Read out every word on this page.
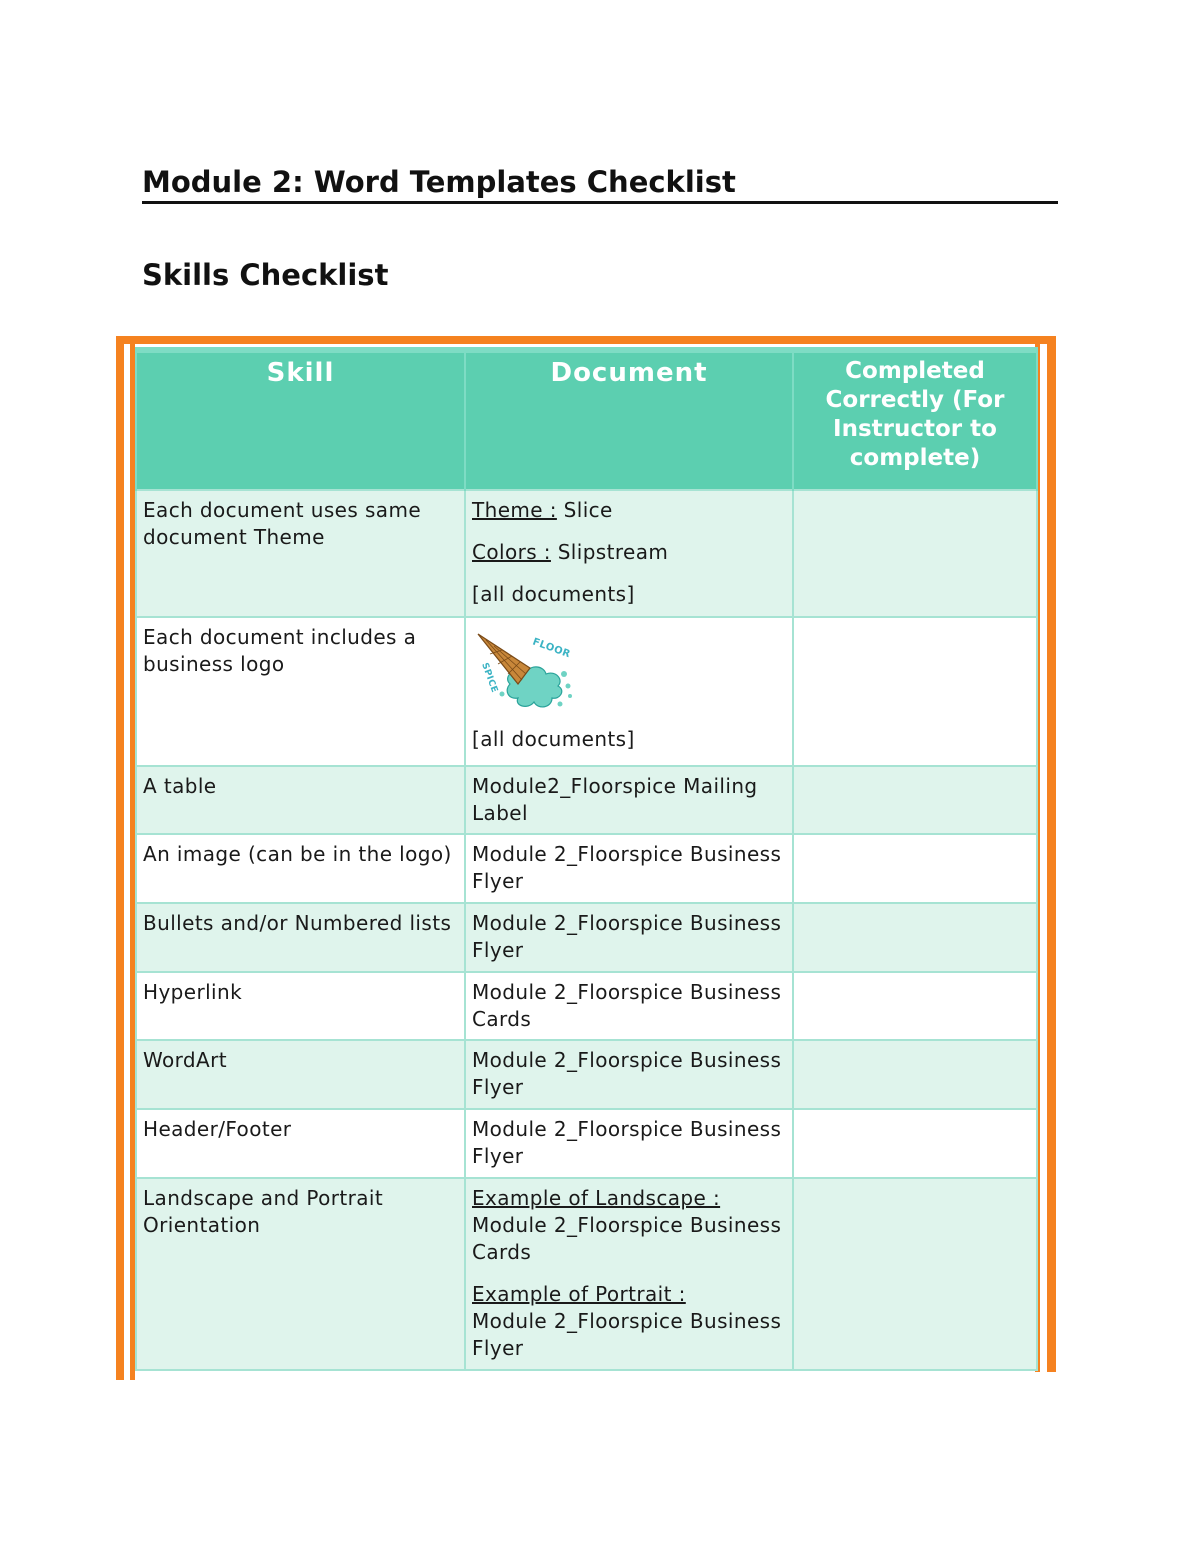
Module 2: Word Templates Checklist
Skills Checklist
Skill	Document	Completed Correctly (For Instructor to complete)
Each document uses same document Theme	Theme : Slice
Colors : Slipstream
[all documents]	

Each document includes a business logo	FLOOR
SPICE
[all documents]	

A table	Module2_Floorspice Mailing Label	
An image (can be in the logo)	Module 2_Floorspice Business Flyer	
Bullets and/or Numbered lists	Module 2_Floorspice Business Flyer	
Hyperlink	Module 2_Floorspice Business Cards	
WordArt	Module 2_Floorspice Business Flyer	
Header/Footer	Module 2_Floorspice Business Flyer	
Landscape and Portrait Orientation	Example of Landscape :
Module 2_Floorspice Business Cards
Example of Portrait :
Module 2_Floorspice Business Flyer	
